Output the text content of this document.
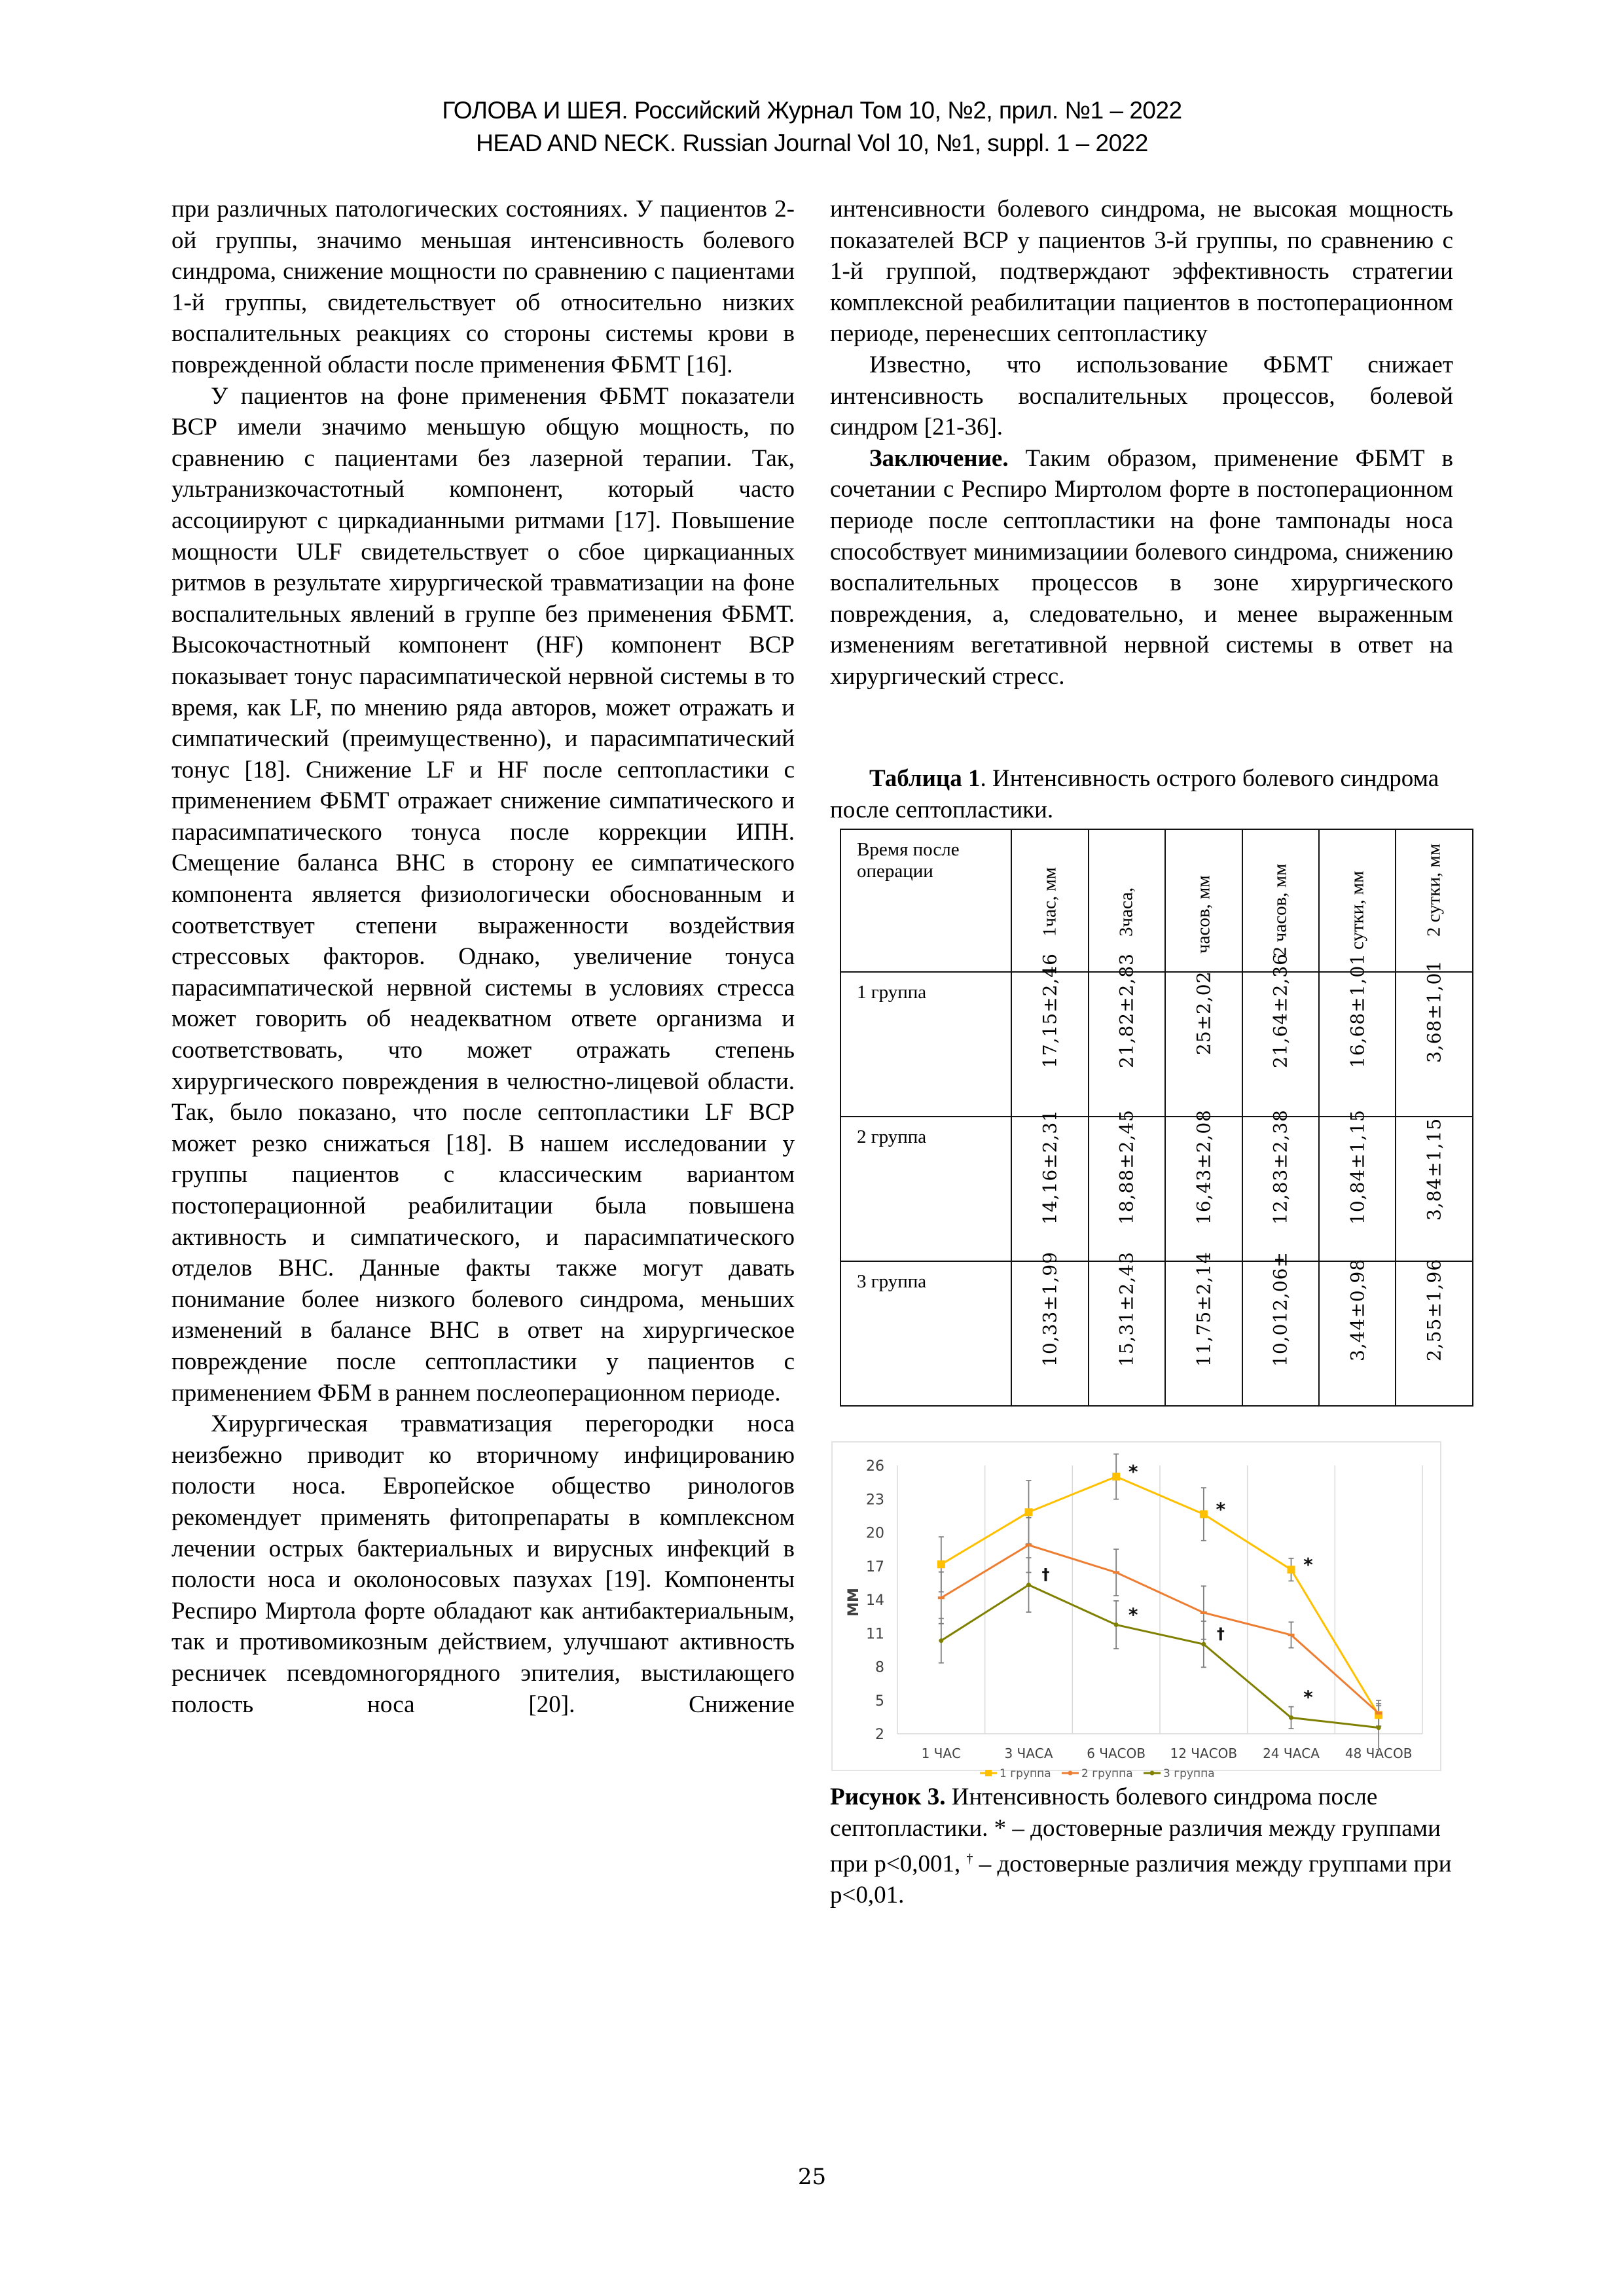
ГОЛОВА И ШЕЯ. Российский Журнал Том 10, №2, прил. №1 – 2022
HEAD AND NECK. Russian Journal Vol 10, №1, suppl. 1 – 2022

при различных патологических состояниях. У пациентов 2-ой группы, значимо меньшая интенсивность болевого синдрома, снижение мощности по сравнению с пациентами 1-й группы, свидетельствует об относительно низких воспалительных реакциях со стороны системы крови в поврежденной области после применения ФБМТ [16].

У пациентов на фоне применения ФБМТ показатели ВСР имели значимо меньшую общую мощность, по сравнению с пациентами без лазерной терапии. Так, ультранизкочастотный компонент, который часто ассоциируют с циркадианными ритмами [17]. Повышение мощности ULF свидетельствует о сбое циркацианных ритмов в результате хирургической травматизации на фоне воспалительных явлений в группе без применения ФБМТ. Высокочастнотный компонент (HF) компонент ВСР показывает тонус парасимпатической нервной системы в то время, как LF, по мнению ряда авторов, может отражать и симпатический (преимущественно), и парасимпатический тонус [18]. Снижение LF и HF после септопластики с применением ФБМТ отражает снижение симпатического и парасимпатического тонуса после коррекции ИПН. Смещение баланса ВНС в сторону ее симпатического компонента является физиологически обоснованным и соответствует степени выраженности воздействия стрессовых факторов. Однако, увеличение тонуса парасимпатической нервной системы в условиях стресса может говорить об неадекватном ответе организма и соответствовать, что может отражать степень хирургического повреждения в челюстно-лицевой области. Так, было показано, что после септопластики LF ВСР может резко снижаться [18]. В нашем исследовании у группы пациентов с классическим вариантом постоперационной реабилитации была повышена активность и симпатического, и парасимпатического отделов ВНС. Данные факты также могут давать понимание более низкого болевого синдрома, меньших изменений в балансе ВНС в ответ на хирургическое повреждение после септопластики у пациентов с применением ФБМ в раннем послеоперационном периоде.

Хирургическая травматизация перегородки носа неизбежно приводит ко вторичному инфицированию полости носа. Европейское общество ринологов рекомендует применять фитопрепараты в комплексном лечении острых бактериальных и вирусных инфекций в полости носа и околоносовых пазухах [19]. Компоненты Респиро Миртола форте обладают как антибактериальным, так и противомикозным действием, улучшают активность ресничек псевдомногорядного эпителия, выстилающего полость носа [20]. Снижение

интенсивности болевого синдрома, не высокая мощность показателей ВСР у пациентов 3-й группы, по сравнению с 1-й группой, подтверждают эффективность стратегии комплексной реабилитации пациентов в постоперационном периоде, перенесших септопластику

Известно, что использование ФБМТ снижает интенсивность воспалительных процессов, болевой синдром [21-36].

Заключение. Таким образом, применение ФБМТ в сочетании с Респиро Миртолом форте в постоперационном периоде после септопластики на фоне тампонады носа способствует минимизациии болевого синдрома, снижению воспалительных процессов в зоне хирургического повреждения, а, следовательно, и менее выраженным изменениям вегетативной нервной системы в ответ на хирургический стресс.

Таблица 1. Интенсивность острого болевого синдрома после септопластики.
Время после операции	1час, мм	3часа,	часов, мм	2 часов, мм	сутки, мм	2 сутки, мм

1 группа	17,15±2,46	21,82±2,83	25±2,02	21,64±2,36	16,68±1,01	3,68±1,01

2 группа	14,16±2,31	18,88±2,45	16,43±2,08	12,83±2,38	10,84±1,15	3,84±1,15

3 группа	10,33±1,99	15,31±2,43	11,75±2,14	10,012,06±	3,44±0,98	2,55±1,96
2
5
8
11
14
17
20
23
26
ММ
1 ЧАС	3 ЧАСА	6 ЧАСОВ 12 ЧАСОВ 24 ЧАСА 48 ЧАСОВ
*
*
*
†
*
†
*
1 группа	2 группа	3 группа
Рисунок 3. Интенсивность болевого синдрома после септопластики. * – достоверные различия между группами при p<0,001, † – достоверные различия между группами при p<0,01.
25
